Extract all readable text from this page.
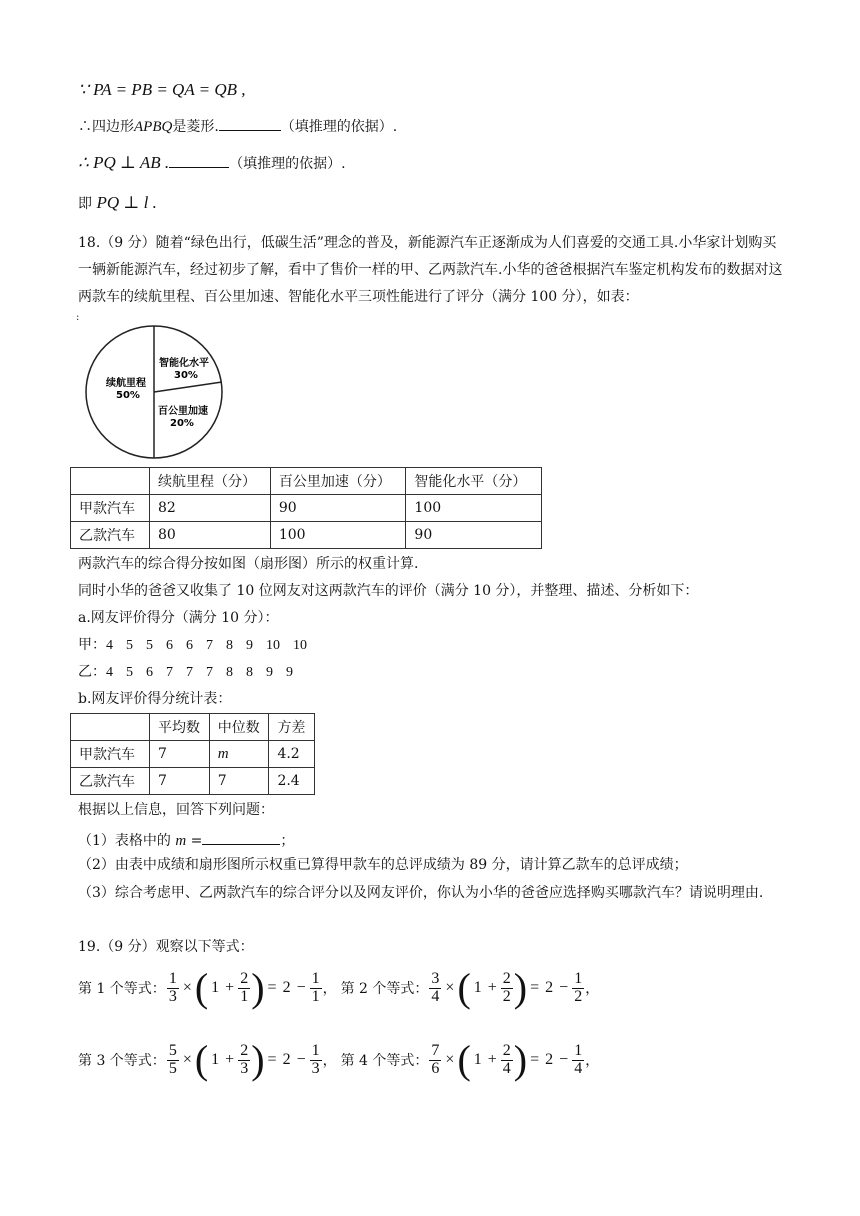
∵ PA = PB = QA = QB ,
∴四边形APBQ是菱形.	（填推理的依据）.
∴ PQ ⊥ AB .	（填推理的依据）.
即 PQ ⊥ l .
18.（9 分）随着“绿色出行，低碳生活”理念的普及，新能源汽车正逐渐成为人们喜爱的交通工具.小华家计划购买一辆新能源汽车，经过初步了解，看中了售价一样的甲、乙两款汽车.小华的爸爸根据汽车鉴定机构发布的数据对这两款车的续航里程、百公里加速、智能化水平三项性能进行了评分（满分 100 分），如表：
:
续航里程
50%
智能化水平
30%
百公里加速
20%
	续航里程（分）	百公里加速（分）	智能化水平（分）
甲款汽车	82	90	100
乙款汽车	80	100	90
两款汽车的综合得分按如图（扇形图）所示的权重计算.
同时小华的爸爸又收集了 10 位网友对这两款汽车的评价（满分 10 分），并整理、描述、分析如下：
a.网友评价得分（满分 10 分）：
甲：4 5 5 6 6 7 8 9 10 10
乙：4 5 6 7 7 7 8 8 9 9
b.网友评价得分统计表：
	平均数	中位数	方差
甲款汽车	7	m	4.2
乙款汽车	7	7	2.4
根据以上信息，回答下列问题：
（1）表格中的 m =	；
（2）由表中成绩和扇形图所示权重已算得甲款车的总评成绩为 89 分，请计算乙款车的总评成绩；
（3）综合考虑甲、乙两款汽车的综合评分以及网友评价，你认为小华的爸爸应选择购买哪款汽车？请说明理由.
19.（9 分）观察以下等式：
第 1 个等式： $\frac{1}{3}$ × ( $1 + \frac{2}{1}$ ) = $2 - \frac{1}{1}$ ， 第 2 个等式： $\frac{3}{4}$ × ( $1 + \frac{2}{2}$ ) = $2 - \frac{1}{2}$ ，
第 3 个等式： $\frac{5}{5}$ × ( $1 + \frac{2}{3}$ ) = $2 - \frac{1}{3}$ ， 第 4 个等式： $\frac{7}{6}$ × ( $1 + \frac{2}{4}$ ) = $2 - \frac{1}{4}$ ，
